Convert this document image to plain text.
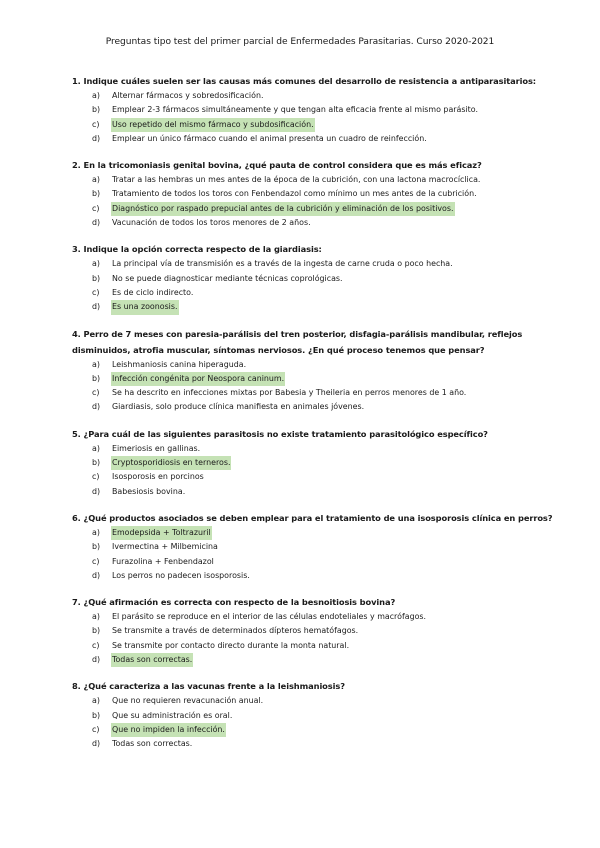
Preguntas tipo test del primer parcial de Enfermedades Parasitarias. Curso 2020-2021

1. Indique cuáles suelen ser las causas más comunes del desarrollo de resistencia a antiparasitarios:

a)	Alternar fármacos y sobredosificación.
b)	Emplear 2-3 fármacos simultáneamente y que tengan alta eficacia frente al mismo parásito.
c)	Uso repetido del mismo fármaco y subdosificación.
d)	Emplear un único fármaco cuando el animal presenta un cuadro de reinfección.

2. En la tricomoniasis genital bovina, ¿qué pauta de control considera que es más eficaz?

a)	Tratar a las hembras un mes antes de la época de la cubrición, con una lactona macrocíclica.
b)	Tratamiento de todos los toros con Fenbendazol como mínimo un mes antes de la cubrición.
c)	Diagnóstico por raspado prepucial antes de la cubrición y eliminación de los positivos.
d)	Vacunación de todos los toros menores de 2 años.

3. Indique la opción correcta respecto de la giardiasis:

a)	La principal vía de transmisión es a través de la ingesta de carne cruda o poco hecha.
b)	No se puede diagnosticar mediante técnicas coprológicas.
c)	Es de ciclo indirecto.
d)	Es una zoonosis.

4. Perro de 7 meses con paresia-parálisis del tren posterior, disfagia-parálisis mandibular, reflejos disminuidos, atrofia muscular, síntomas nerviosos. ¿En qué proceso tenemos que pensar?

a)	Leishmaniosis canina hiperaguda.
b)	Infección congénita por Neospora caninum.
c)	Se ha descrito en infecciones mixtas por Babesia y Theileria en perros menores de 1 año.
d)	Giardiasis, solo produce clínica manifiesta en animales jóvenes.

5. ¿Para cuál de las siguientes parasitosis no existe tratamiento parasitológico específico?

a)	Eimeriosis en gallinas.
b)	Cryptosporidiosis en terneros.
c)	Isosporosis en porcinos
d)	Babesiosis bovina.

6. ¿Qué productos asociados se deben emplear para el tratamiento de una isosporosis clínica en perros?

a)	Emodepsida + Toltrazuril
b)	Ivermectina + Milbemicina
c)	Furazolina + Fenbendazol
d)	Los perros no padecen isosporosis.

7. ¿Qué afirmación es correcta con respecto de la besnoitiosis bovina?

a)	El parásito se reproduce en el interior de las células endoteliales y macrófagos.
b)	Se transmite a través de determinados dípteros hematófagos.
c)	Se transmite por contacto directo durante la monta natural.
d)	Todas son correctas.

8. ¿Qué caracteriza a las vacunas frente a la leishmaniosis?

a)	Que no requieren revacunación anual.
b)	Que su administración es oral.
c)	Que no impiden la infección.
d)	Todas son correctas.
